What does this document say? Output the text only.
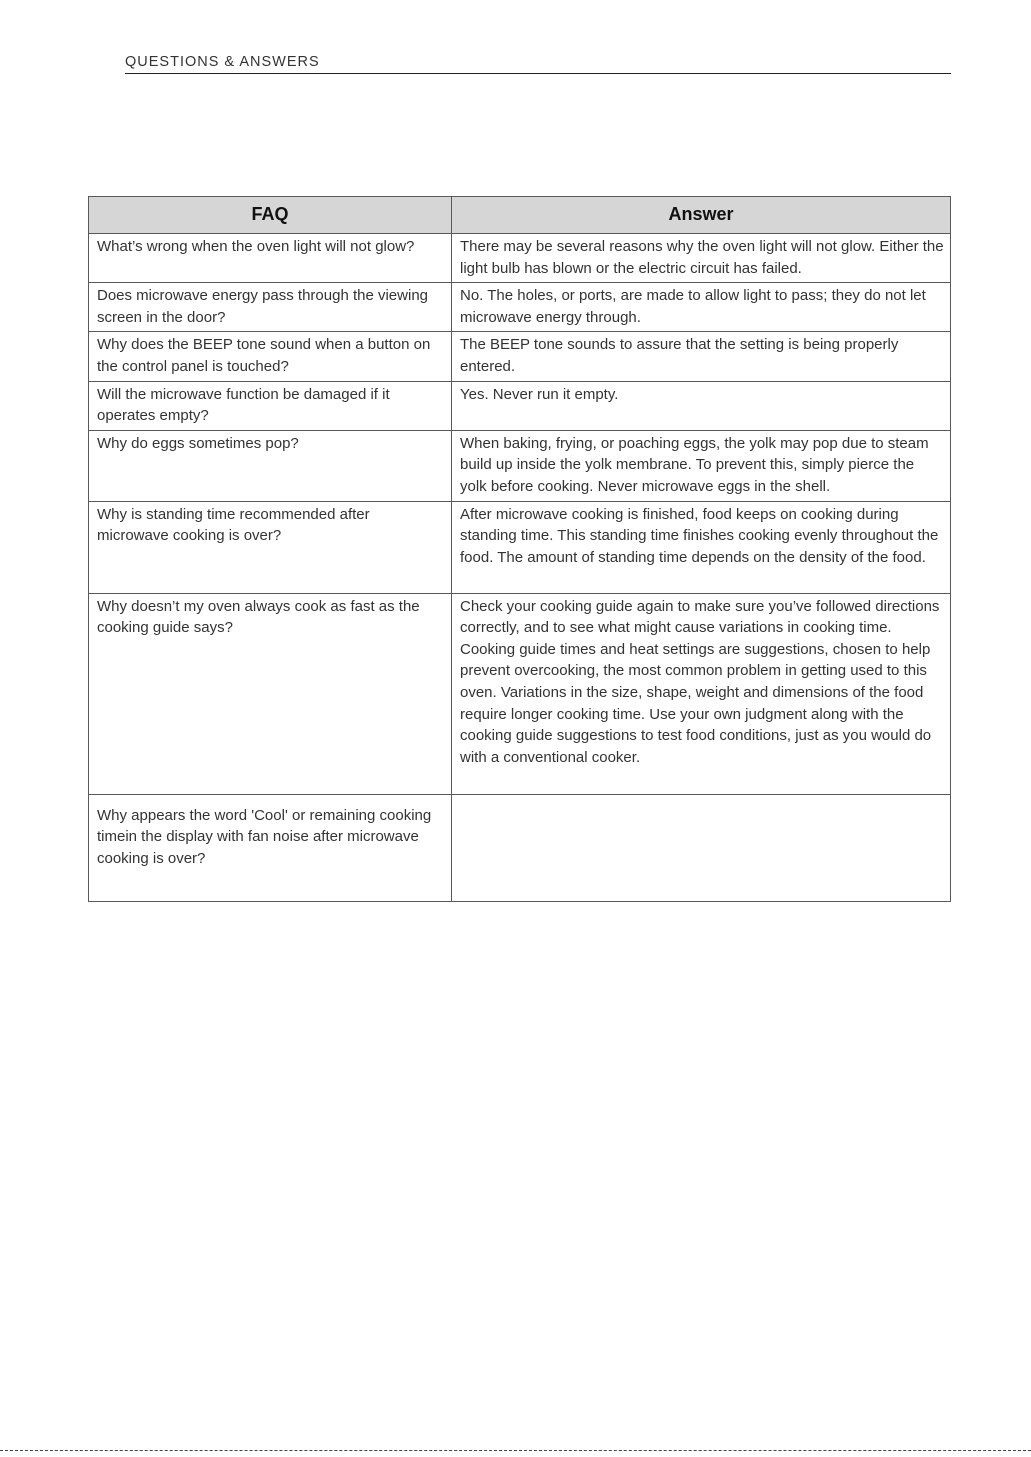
QUESTIONS & ANSWERS
FAQ	Answer

What’s wrong when the oven light will not glow?	There may be several reasons why the oven light will not glow. Either the light bulb has blown or the electric circuit has failed.

Does microwave energy pass through the viewing screen in the door?	No. The holes, or ports, are made to allow light to pass; they do not let microwave energy through.

Why does the BEEP tone sound when a button on the control panel is touched?	The BEEP tone sounds to assure that the setting is being properly entered.

Will the microwave function be damaged if it operates empty?	Yes. Never run it empty.

Why do eggs sometimes pop?	When baking, frying, or poaching eggs, the yolk may pop due to steam build up inside the yolk membrane. To prevent this, simply pierce the yolk before cooking. Never microwave eggs in the shell.

Why is standing time recommended after microwave cooking is over?	After microwave cooking is finished, food keeps on cooking during standing time. This standing time finishes cooking evenly throughout the food. The amount of standing time depends on the density of the food.

Why doesn’t my oven always cook as fast as the cooking guide says?	Check your cooking guide again to make sure you’ve followed directions correctly, and to see what might cause variations in cooking time. Cooking guide times and heat settings are suggestions, chosen to help prevent overcooking, the most common problem in getting used to this oven. Variations in the size, shape, weight and dimensions of the food require longer cooking time. Use your own judgment along with the cooking guide suggestions to test food conditions, just as you would do with a conventional cooker.

Why appears the word 'Cool' or remaining cooking timein the display with fan noise after microwave cooking is over?	
